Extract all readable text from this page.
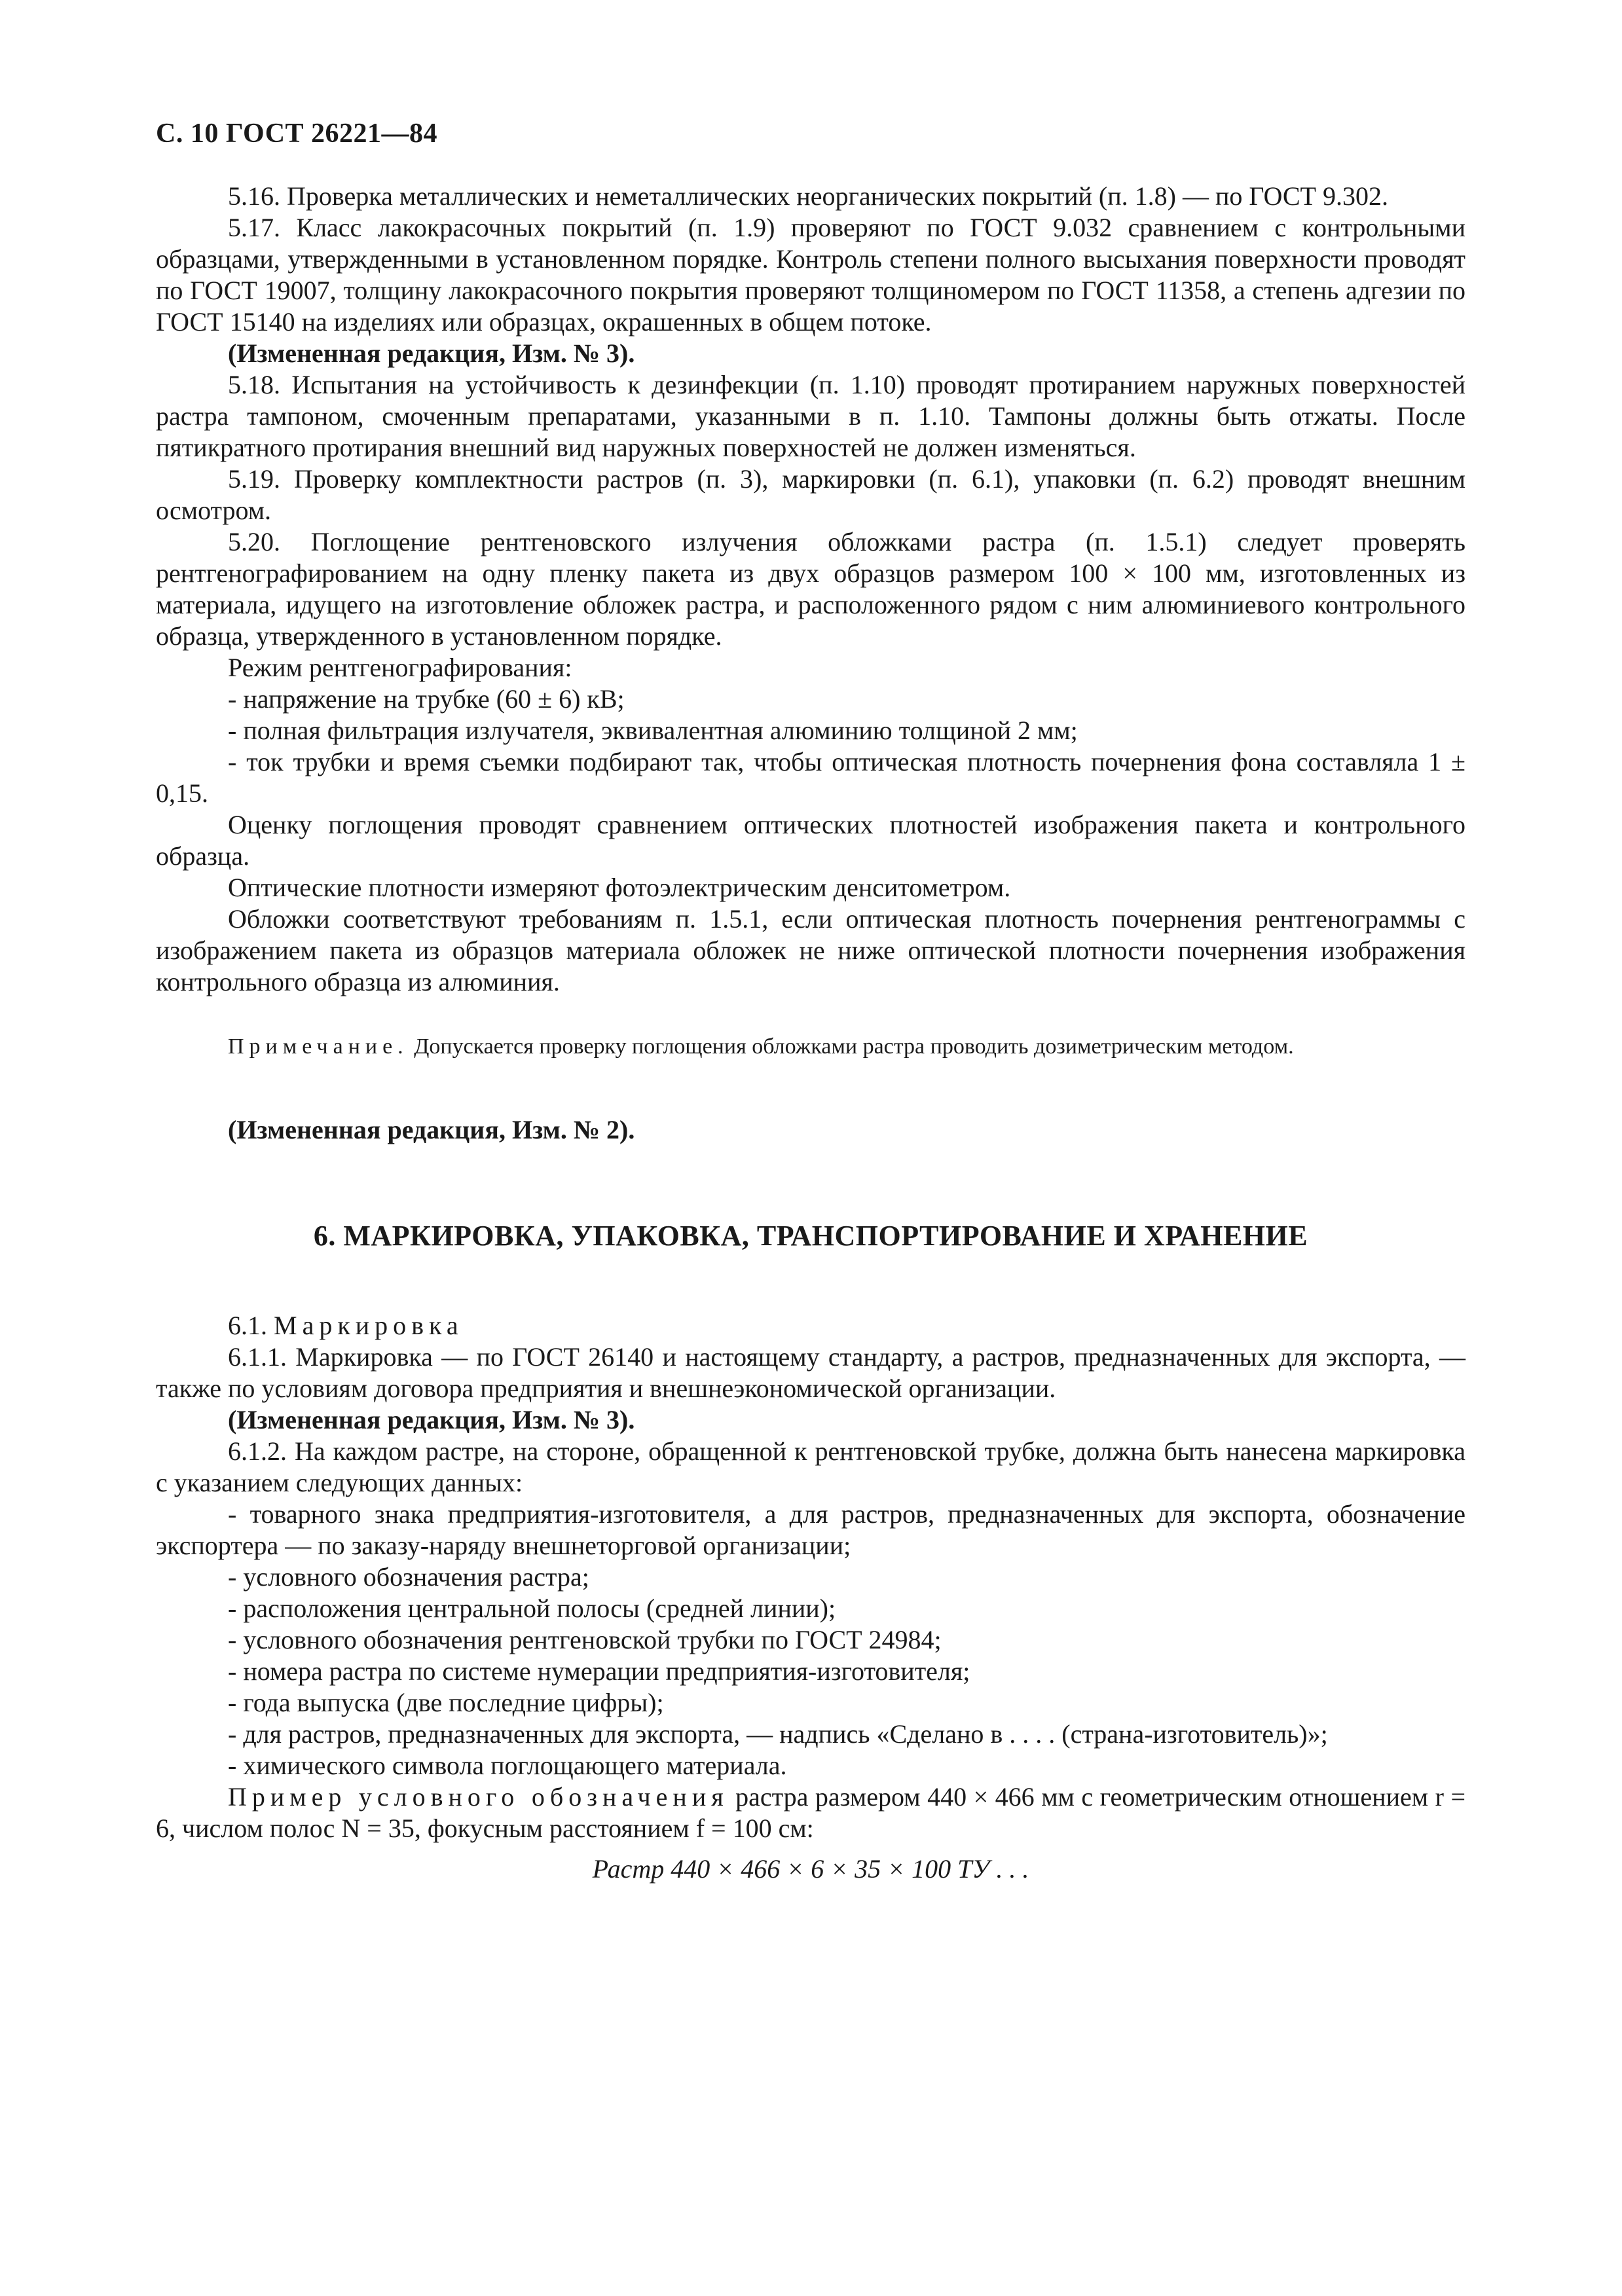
С. 10 ГОСТ 26221—84

5.16. Проверка металлических и неметаллических неорганических покрытий (п. 1.8) — по ГОСТ 9.302.

5.17. Класс лакокрасочных покрытий (п. 1.9) проверяют по ГОСТ 9.032 сравнением с контрольными образцами, утвержденными в установленном порядке. Контроль степени полного высыхания поверхности проводят по ГОСТ 19007, толщину лакокрасочного покрытия проверяют толщиномером по ГОСТ 11358, а степень адгезии по ГОСТ 15140 на изделиях или образцах, окрашенных в общем потоке.

(Измененная редакция, Изм. № 3).

5.18. Испытания на устойчивость к дезинфекции (п. 1.10) проводят протиранием наружных поверхностей растра тампоном, смоченным препаратами, указанными в п. 1.10. Тампоны должны быть отжаты. После пятикратного протирания внешний вид наружных поверхностей не должен изменяться.

5.19. Проверку комплектности растров (п. 3), маркировки (п. 6.1), упаковки (п. 6.2) проводят внешним осмотром.

5.20. Поглощение рентгеновского излучения обложками растра (п. 1.5.1) следует проверять рентгенографированием на одну пленку пакета из двух образцов размером 100 × 100 мм, изготовленных из материала, идущего на изготовление обложек растра, и расположенного рядом с ним алюминиевого контрольного образца, утвержденного в установленном порядке.

Режим рентгенографирования:

- напряжение на трубке (60 ± 6) кВ;

- полная фильтрация излучателя, эквивалентная алюминию толщиной 2 мм;

- ток трубки и время съемки подбирают так, чтобы оптическая плотность почернения фона составляла 1 ± 0,15.

Оценку поглощения проводят сравнением оптических плотностей изображения пакета и контрольного образца.

Оптические плотности измеряют фотоэлектрическим денситометром.

Обложки соответствуют требованиям п. 1.5.1, если оптическая плотность почернения рентгенограммы с изображением пакета из образцов материала обложек не ниже оптической плотности почернения изображения контрольного образца из алюминия.

Примечание. Допускается проверку поглощения обложками растра проводить дозиметрическим методом.

(Измененная редакция, Изм. № 2).

6. МАРКИРОВКА, УПАКОВКА, ТРАНСПОРТИРОВАНИЕ И ХРАНЕНИЕ

6.1. Маркировка

6.1.1. Маркировка — по ГОСТ 26140 и настоящему стандарту, а растров, предназначенных для экспорта, — также по условиям договора предприятия и внешнеэкономической организации.

(Измененная редакция, Изм. № 3).

6.1.2. На каждом растре, на стороне, обращенной к рентгеновской трубке, должна быть нанесена маркировка с указанием следующих данных:

- товарного знака предприятия-изготовителя, а для растров, предназначенных для экспорта, обозначение экспортера — по заказу-наряду внешнеторговой организации;

- условного обозначения растра;

- расположения центральной полосы (средней линии);

- условного обозначения рентгеновской трубки по ГОСТ 24984;

- номера растра по системе нумерации предприятия-изготовителя;

- года выпуска (две последние цифры);

- для растров, предназначенных для экспорта, — надпись «Сделано в . . . . (страна-изготовитель)»;

- химического символа поглощающего материала.

Пример условного обозначения растра размером 440 × 466 мм с геометрическим отношением r = 6, числом полос N = 35, фокусным расстоянием f = 100 см:

Растр 440 × 466 × 6 × 35 × 100 ТУ . . .
